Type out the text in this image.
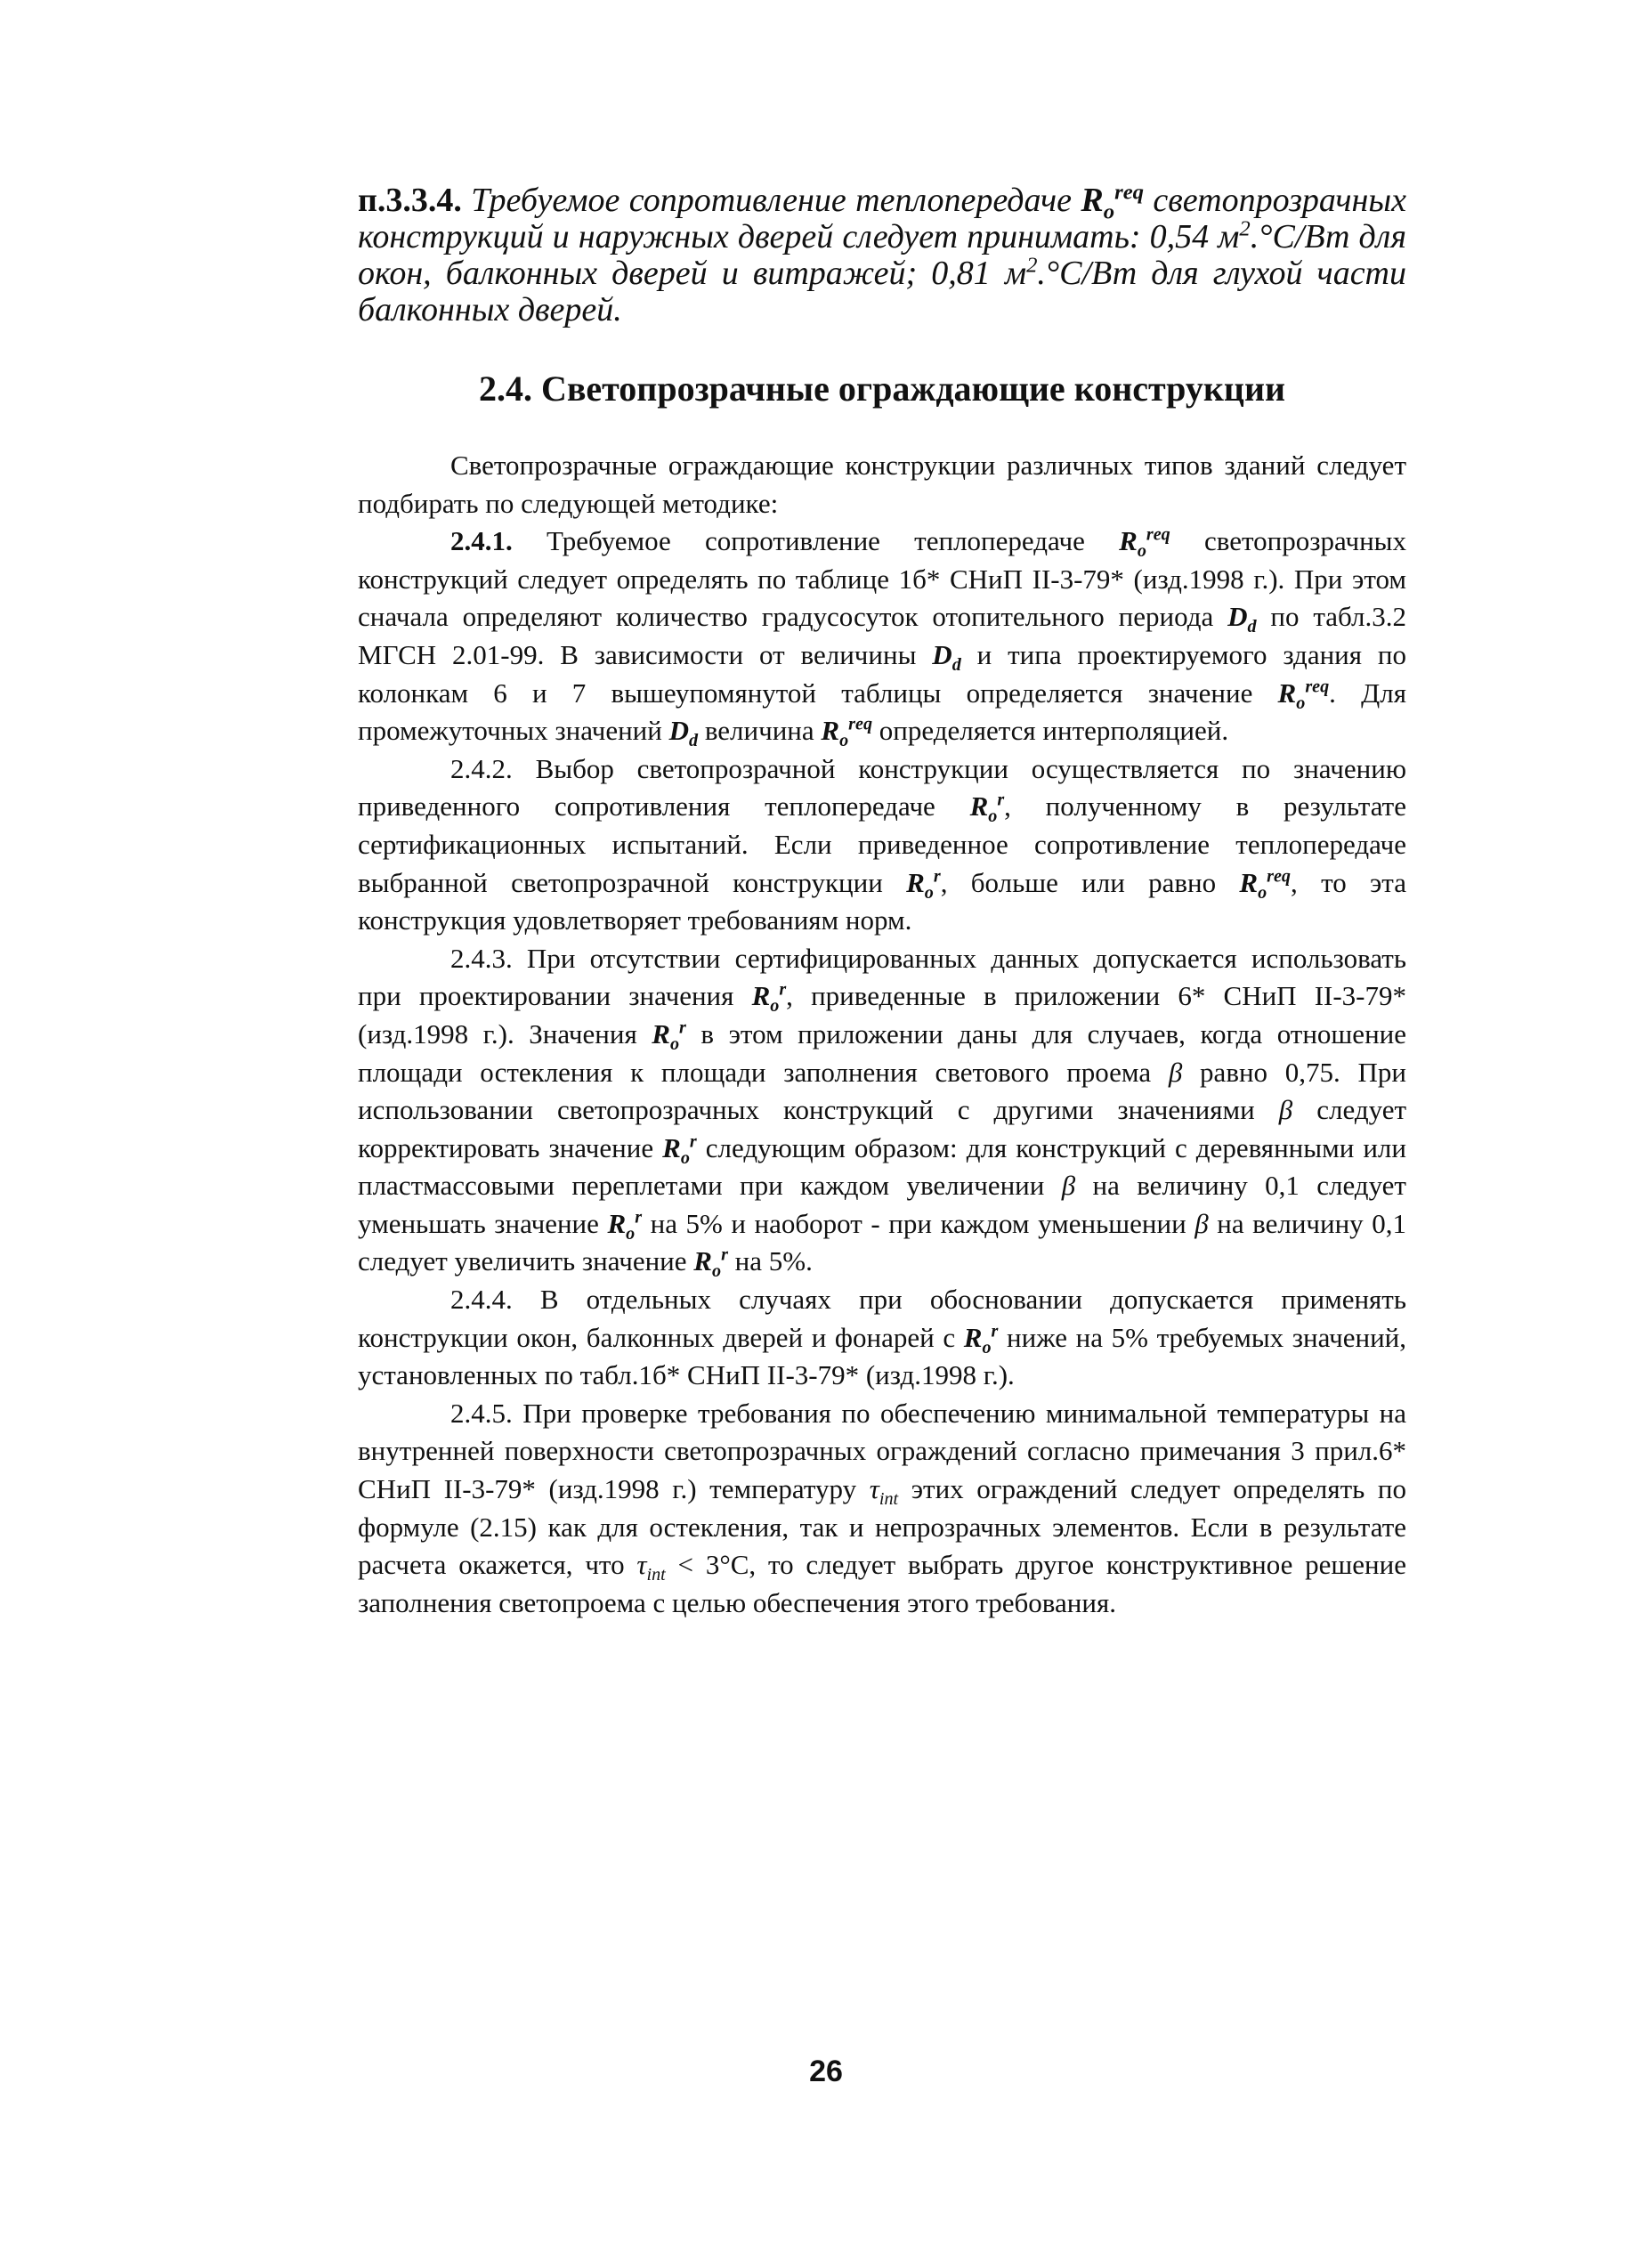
п.3.3.4. Требуемое сопротивление теплопередаче $R_o^{req}$ светопрозрачных конструкций и наружных дверей следует принимать: 0,54 $м^2.^\circ С/Вт$ для окон, балконных дверей и витражей; 0,81 $м^2.^\circ С/Вт$ для глухой части балконных дверей.

2.4. Светопрозрачные ограждающие конструкции

Светопрозрачные ограждающие конструкции различных типов зданий следует подбирать по следующей методике:

2.4.1. Требуемое сопротивление теплопередаче $R_o^{req}$ светопрозрачных конструкций следует определять по таблице 1б* СНиП II-3-79* (изд.1998 г.). При этом сначала определяют количество градусосуток отопительного периода $D_d$ по табл.3.2 МГСН 2.01-99. В зависимости от величины $D_d$ и типа проектируемого здания по колонкам 6 и 7 вышеупомянутой таблицы определяется значение $R_o^{req}$. Для промежуточных значений $D_d$ величина $R_o^{req}$ определяется интерполяцией.

2.4.2. Выбор светопрозрачной конструкции осуществляется по значению приведенного сопротивления теплопередаче $R_o^r$, полученному в результате сертификационных испытаний. Если приведенное сопротивление теплопередаче выбранной светопрозрачной конструкции $R_o^r$, больше или равно $R_o^{req}$, то эта конструкция удовлетворяет требованиям норм.

2.4.3. При отсутствии сертифицированных данных допускается использовать при проектировании значения $R_o^r$, приведенные в приложении 6* СНиП II-3-79* (изд.1998 г.). Значения $R_o^r$ в этом приложении даны для случаев, когда отношение площади остекления к площади заполнения светового проема β равно 0,75. При использовании светопрозрачных конструкций с другими значениями β следует корректировать значение $R_o^r$ следующим образом: для конструкций с деревянными или пластмассовыми переплетами при каждом увеличении β на величину 0,1 следует уменьшать значение $R_o^r$ на 5% и наоборот - при каждом уменьшении β на величину 0,1 следует увеличить значение $R_o^r$ на 5%.

2.4.4. В отдельных случаях при обосновании допускается применять конструкции окон, балконных дверей и фонарей с $R_o^r$ ниже на 5% требуемых значений, установленных по табл.1б* СНиП II-3-79* (изд.1998 г.).

2.4.5. При проверке требования по обеспечению минимальной температуры на внутренней поверхности светопрозрачных ограждений согласно примечания 3 прил.6* СНиП II-3-79* (изд.1998 г.) температуру $\tau_{int}$ этих ограждений следует определять по формуле (2.15) как для остекления, так и непрозрачных элементов. Если в результате расчета окажется, что $\tau_{int} < 3^\circ С$, то следует выбрать другое конструктивное решение заполнения светопроема с целью обеспечения этого требования.

26
